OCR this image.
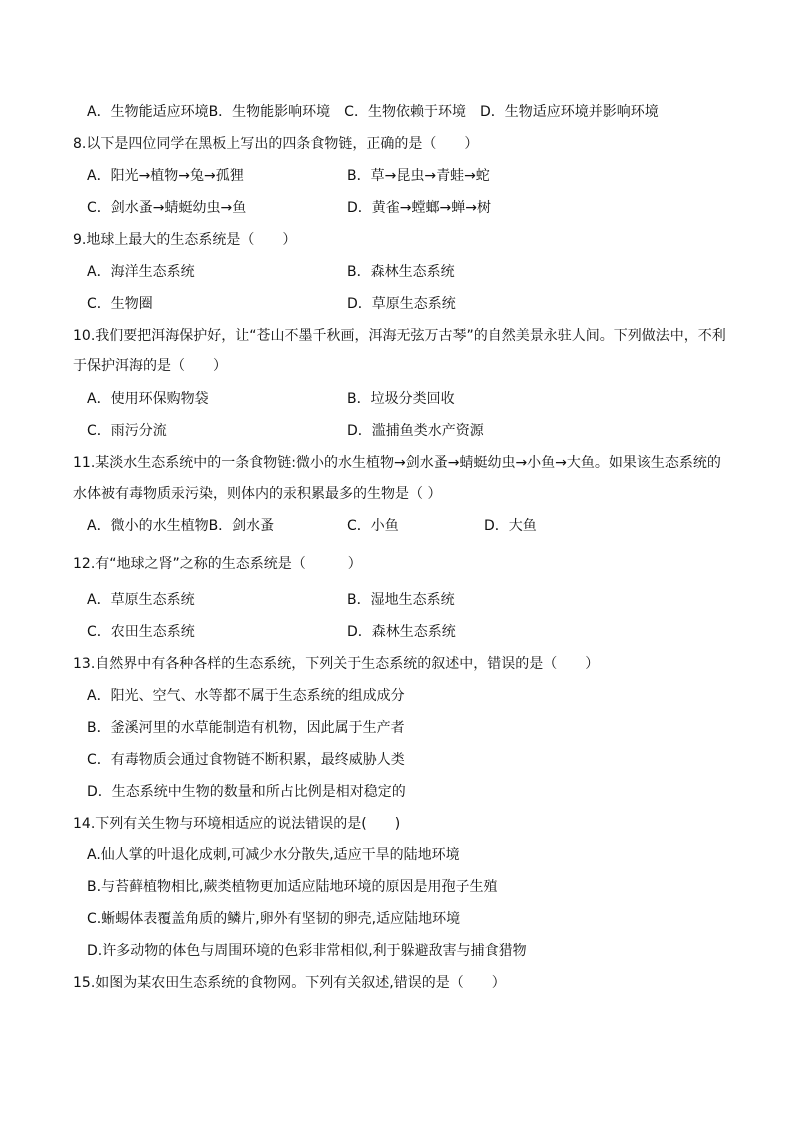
A．生物能适应环境B．生物能影响环境　C．生物依赖于环境　D．生物适应环境并影响环境
8.以下是四位同学在黑板上写出的四条食物链，正确的是（　　）
A．阳光→植物→兔→孤狸	B．草→昆虫→青蛙→蛇
C．剑水蚤→蜻蜓幼虫→鱼	D．黄雀→螳螂→蝉→树
9.地球上最大的生态系统是（　　）
A．海洋生态系统	B．森林生态系统
C．生物圈	D．草原生态系统
10.我们要把洱海保护好，让“苍山不墨千秋画，洱海无弦万古琴”的自然美景永驻人间。下列做法中，不利
于保护洱海的是（　　）
A．使用环保购物袋	B．垃圾分类回收
C．雨污分流	D．滥捕鱼类水产资源
11.某淡水生态系统中的一条食物链:微小的水生植物→剑水蚤→蜻蜓幼虫→小鱼→大鱼。如果该生态系统的
水体被有毒物质汞污染，则体内的汞积累最多的生物是（ ）
A．微小的水生植物B．剑水蚤	C．小鱼	D．大鱼
12.有“地球之肾”之称的生态系统是（　　　）
A．草原生态系统	B．湿地生态系统
C．农田生态系统	D．森林生态系统
13.自然界中有各种各样的生态系统，下列关于生态系统的叙述中，错误的是（　　）
A．阳光、空气、水等都不属于生态系统的组成成分
B．釜溪河里的水草能制造有机物，因此属于生产者
C．有毒物质会通过食物链不断积累，最终威胁人类
D．生态系统中生物的数量和所占比例是相对稳定的
14.下列有关生物与环境相适应的说法错误的是(　　)
A.仙人掌的叶退化成刺,可减少水分散失,适应干旱的陆地环境
B.与苔藓植物相比,蕨类植物更加适应陆地环境的原因是用孢子生殖
C.蜥蜴体表覆盖角质的鳞片,卵外有坚韧的卵壳,适应陆地环境
D.许多动物的体色与周围环境的色彩非常相似,利于躲避敌害与捕食猎物
15.如图为某农田生态系统的食物网。下列有关叙述,错误的是（　　）
